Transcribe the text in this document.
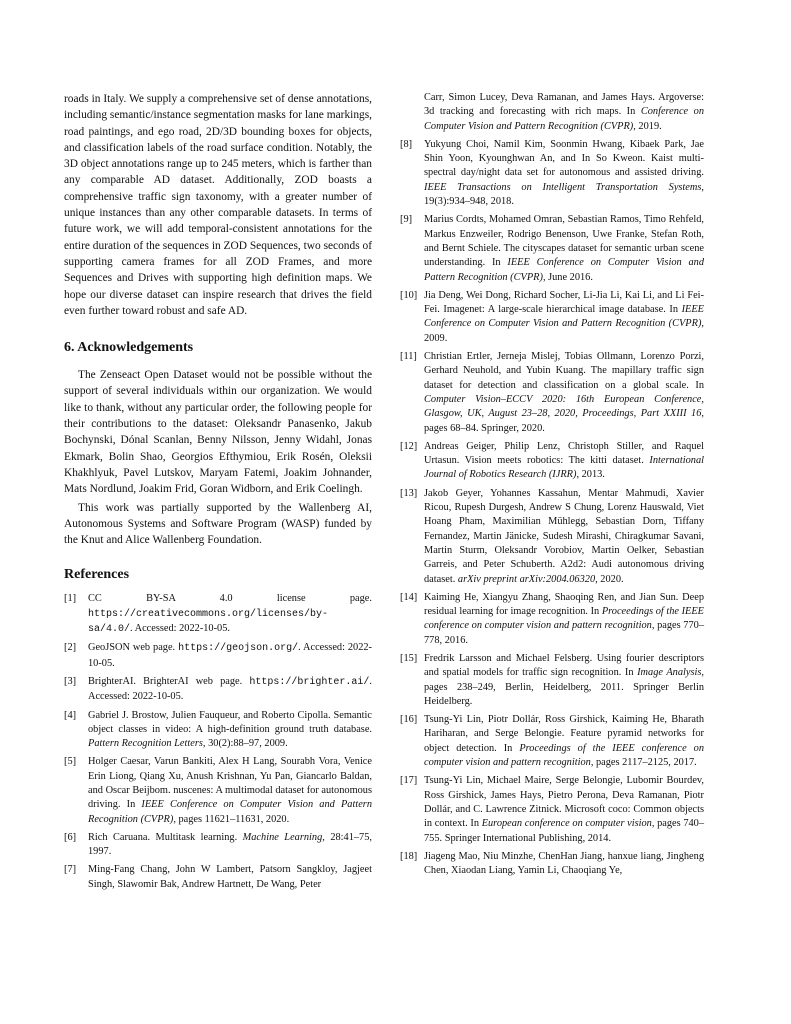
roads in Italy. We supply a comprehensive set of dense annotations, including semantic/instance segmentation masks for lane markings, road paintings, and ego road, 2D/3D bounding boxes for objects, and classification labels of the road surface condition. Notably, the 3D object annotations range up to 245 meters, which is farther than any comparable AD dataset. Additionally, ZOD boasts a comprehensive traffic sign taxonomy, with a greater number of unique instances than any other comparable datasets. In terms of future work, we will add temporal-consistent annotations for the entire duration of the sequences in ZOD Sequences, two seconds of supporting camera frames for all ZOD Frames, and more Sequences and Drives with supporting high definition maps. We hope our diverse dataset can inspire research that drives the field even further toward robust and safe AD.

6. Acknowledgements

The Zenseact Open Dataset would not be possible without the support of several individuals within our organization. We would like to thank, without any particular order, the following people for their contributions to the dataset: Oleksandr Panasenko, Jakub Bochynski, Dónal Scanlan, Benny Nilsson, Jenny Widahl, Jonas Ekmark, Bolin Shao, Georgios Efthymiou, Erik Rosén, Oleksii Khakhlyuk, Pavel Lutskov, Maryam Fatemi, Joakim Johnander, Mats Nordlund, Joakim Frid, Goran Widborn, and Erik Coelingh.

This work was partially supported by the Wallenberg AI, Autonomous Systems and Software Program (WASP) funded by the Knut and Alice Wallenberg Foundation.

References
[1] CC BY-SA 4.0 license page. https://creativecommons.org/licenses/by-sa/4.0/. Accessed: 2022-10-05.
[2] GeoJSON web page. https://geojson.org/. Accessed: 2022-10-05.
[3] BrighterAI. BrighterAI web page. https://brighter.ai/. Accessed: 2022-10-05.
[4] Gabriel J. Brostow, Julien Fauqueur, and Roberto Cipolla. Semantic object classes in video: A high-definition ground truth database. Pattern Recognition Letters, 30(2):88–97, 2009.
[5] Holger Caesar, Varun Bankiti, Alex H Lang, Sourabh Vora, Venice Erin Liong, Qiang Xu, Anush Krishnan, Yu Pan, Giancarlo Baldan, and Oscar Beijbom. nuscenes: A multimodal dataset for autonomous driving. In IEEE Conference on Computer Vision and Pattern Recognition (CVPR), pages 11621–11631, 2020.
[6] Rich Caruana. Multitask learning. Machine Learning, 28:41–75, 1997.
[7] Ming-Fang Chang, John W Lambert, Patsorn Sangkloy, Jagjeet Singh, Slawomir Bak, Andrew Hartnett, De Wang, Peter
Carr, Simon Lucey, Deva Ramanan, and James Hays. Argoverse: 3d tracking and forecasting with rich maps. In Conference on Computer Vision and Pattern Recognition (CVPR), 2019.
[8] Yukyung Choi, Namil Kim, Soonmin Hwang, Kibaek Park, Jae Shin Yoon, Kyounghwan An, and In So Kweon. Kaist multi-spectral day/night data set for autonomous and assisted driving. IEEE Transactions on Intelligent Transportation Systems, 19(3):934–948, 2018.
[9] Marius Cordts, Mohamed Omran, Sebastian Ramos, Timo Rehfeld, Markus Enzweiler, Rodrigo Benenson, Uwe Franke, Stefan Roth, and Bernt Schiele. The cityscapes dataset for semantic urban scene understanding. In IEEE Conference on Computer Vision and Pattern Recognition (CVPR), June 2016.
[10] Jia Deng, Wei Dong, Richard Socher, Li-Jia Li, Kai Li, and Li Fei-Fei. Imagenet: A large-scale hierarchical image database. In IEEE Conference on Computer Vision and Pattern Recognition (CVPR), 2009.
[11] Christian Ertler, Jerneja Mislej, Tobias Ollmann, Lorenzo Porzi, Gerhard Neuhold, and Yubin Kuang. The mapillary traffic sign dataset for detection and classification on a global scale. In Computer Vision–ECCV 2020: 16th European Conference, Glasgow, UK, August 23–28, 2020, Proceedings, Part XXIII 16, pages 68–84. Springer, 2020.
[12] Andreas Geiger, Philip Lenz, Christoph Stiller, and Raquel Urtasun. Vision meets robotics: The kitti dataset. International Journal of Robotics Research (IJRR), 2013.
[13] Jakob Geyer, Yohannes Kassahun, Mentar Mahmudi, Xavier Ricou, Rupesh Durgesh, Andrew S Chung, Lorenz Hauswald, Viet Hoang Pham, Maximilian Mühlegg, Sebastian Dorn, Tiffany Fernandez, Martin Jänicke, Sudesh Mirashi, Chiragkumar Savani, Martin Sturm, Oleksandr Vorobiov, Martin Oelker, Sebastian Garreis, and Peter Schuberth. A2d2: Audi autonomous driving dataset. arXiv preprint arXiv:2004.06320, 2020.
[14] Kaiming He, Xiangyu Zhang, Shaoqing Ren, and Jian Sun. Deep residual learning for image recognition. In Proceedings of the IEEE conference on computer vision and pattern recognition, pages 770–778, 2016.
[15] Fredrik Larsson and Michael Felsberg. Using fourier descriptors and spatial models for traffic sign recognition. In Image Analysis, pages 238–249, Berlin, Heidelberg, 2011. Springer Berlin Heidelberg.
[16] Tsung-Yi Lin, Piotr Dollár, Ross Girshick, Kaiming He, Bharath Hariharan, and Serge Belongie. Feature pyramid networks for object detection. In Proceedings of the IEEE conference on computer vision and pattern recognition, pages 2117–2125, 2017.
[17] Tsung-Yi Lin, Michael Maire, Serge Belongie, Lubomir Bourdev, Ross Girshick, James Hays, Pietro Perona, Deva Ramanan, Piotr Dollár, and C. Lawrence Zitnick. Microsoft coco: Common objects in context. In European conference on computer vision, pages 740–755. Springer International Publishing, 2014.
[18] Jiageng Mao, Niu Minzhe, ChenHan Jiang, hanxue liang, Jingheng Chen, Xiaodan Liang, Yamin Li, Chaoqiang Ye,
